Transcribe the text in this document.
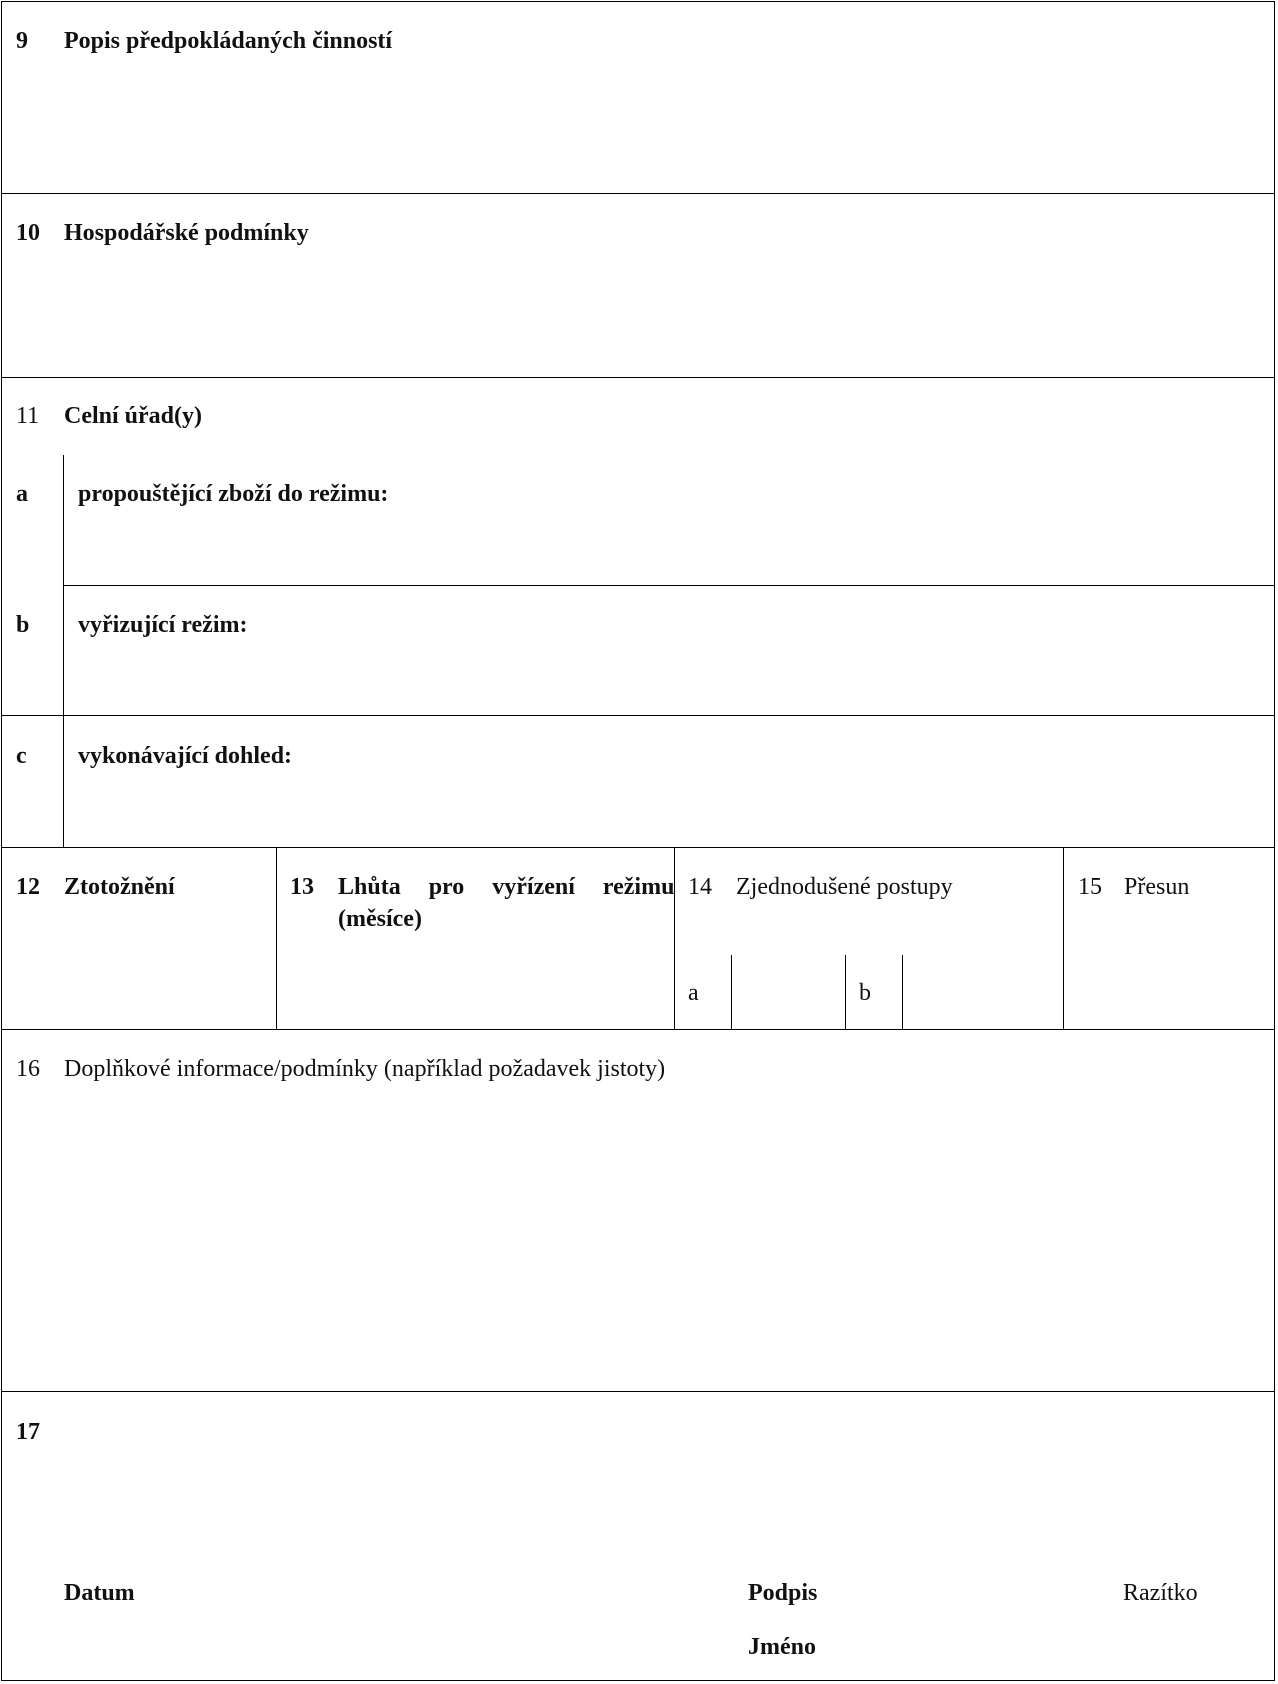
9 Popis předpokládaných činností
10 Hospodářské podmínky
11 Celní úřad(y)
a propouštějící zboží do režimu:
b vyřizující režim:
c vykonávající dohled:
12 Ztotožnění	13 Lhůta pro vyřízení režimu
(měsíce)
14 Zjednodušené postupy
a	b
15 Přesun
16 Doplňkové informace/podmínky (například požadavek jistoty)
17
Datum	Podpis	Razítko
Jméno
